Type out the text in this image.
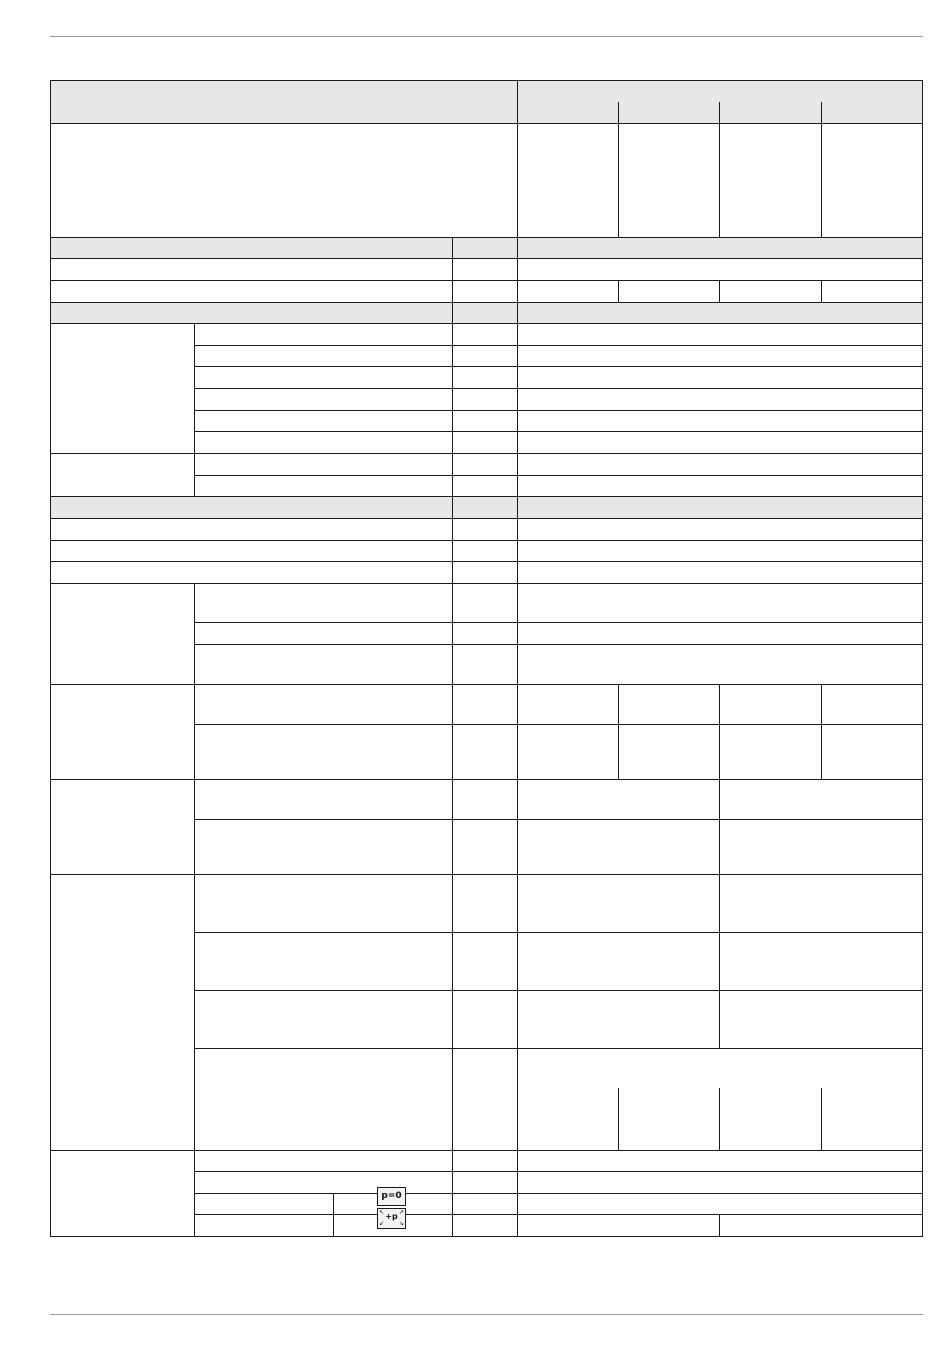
p=0
↖ ↗
+p
↙ ↘
